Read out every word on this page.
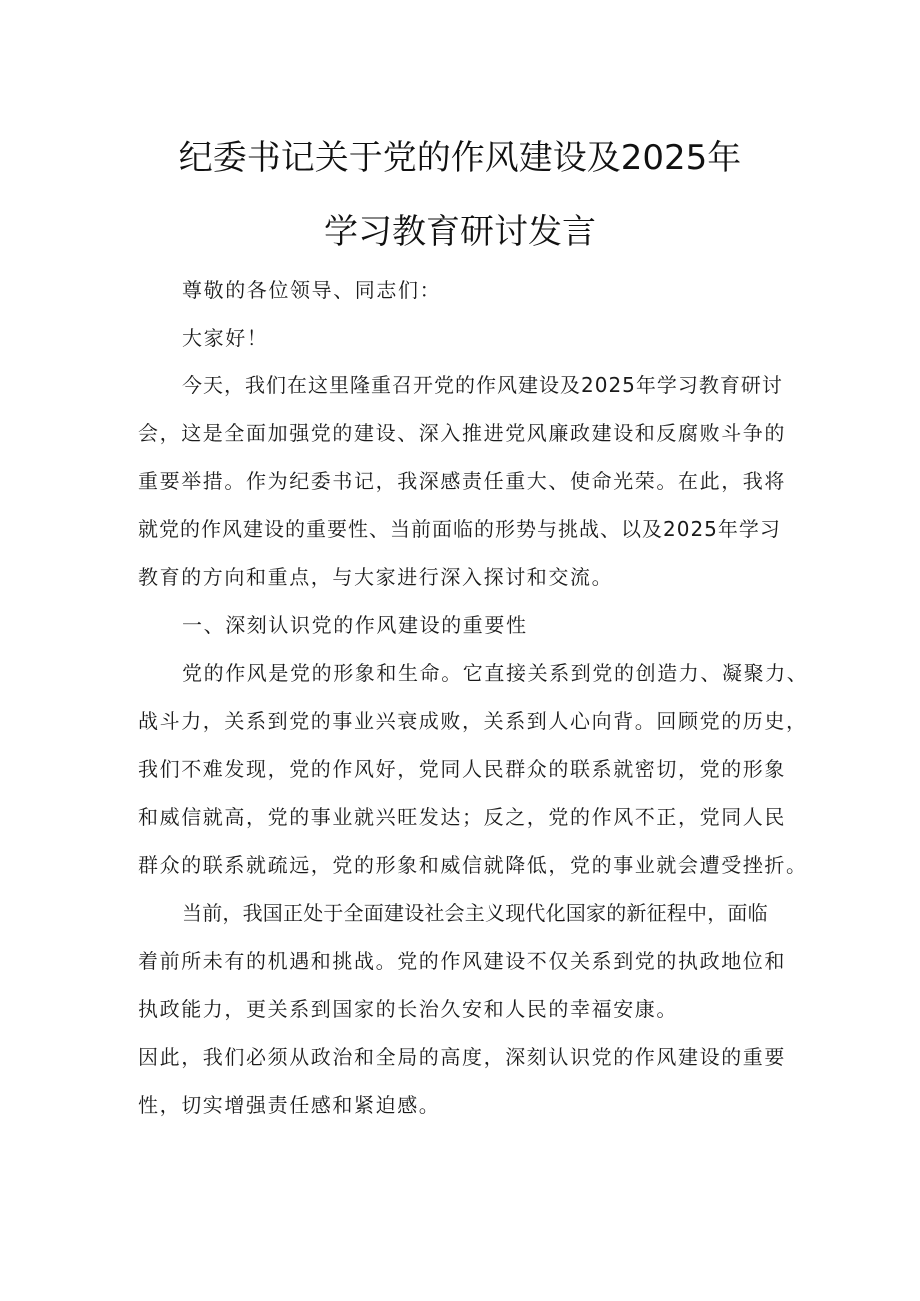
纪委书记关于党的作风建设及2025年
学习教育研讨发言
尊敬的各位领导、同志们：
大家好！
今天，我们在这里隆重召开党的作风建设及2025年学习教育研讨
会，这是全面加强党的建设、深入推进党风廉政建设和反腐败斗争的
重要举措。作为纪委书记，我深感责任重大、使命光荣。在此，我将
就党的作风建设的重要性、当前面临的形势与挑战、以及2025年学习
教育的方向和重点，与大家进行深入探讨和交流。
一、深刻认识党的作风建设的重要性
党的作风是党的形象和生命。它直接关系到党的创造力、凝聚力、
战斗力，关系到党的事业兴衰成败，关系到人心向背。回顾党的历史，
我们不难发现，党的作风好，党同人民群众的联系就密切，党的形象
和威信就高，党的事业就兴旺发达；反之，党的作风不正，党同人民
群众的联系就疏远，党的形象和威信就降低，党的事业就会遭受挫折。
当前，我国正处于全面建设社会主义现代化国家的新征程中，面临
着前所未有的机遇和挑战。党的作风建设不仅关系到党的执政地位和
执政能力，更关系到国家的长治久安和人民的幸福安康。
因此，我们必须从政治和全局的高度，深刻认识党的作风建设的重要
性，切实增强责任感和紧迫感。
